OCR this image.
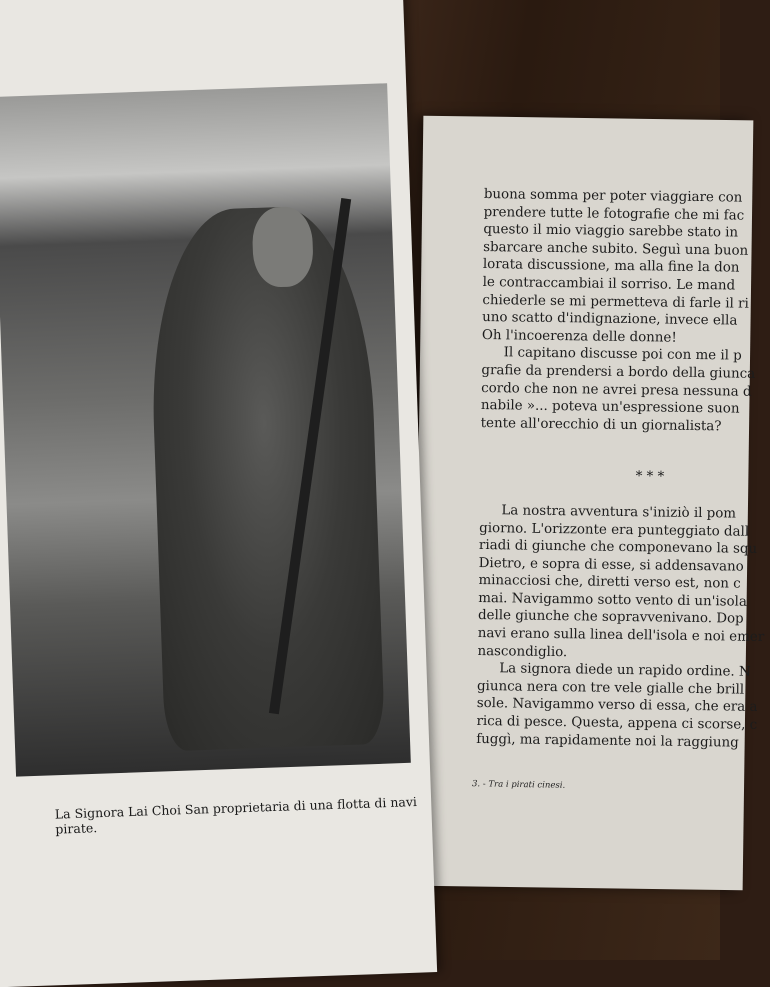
La Signora Lai Choi San proprietaria di una flotta di navi pirate.
buona somma per poter viaggiare con
prendere tutte le fotografie che mi fac
questo il mio viaggio sarebbe stato in
sbarcare anche subito. Seguì una buon
lorata discussione, ma alla fine la don
le contraccambiai il sorriso. Le mand
chiederle se mi permetteva di farle il ri
uno scatto d'indignazione, invece ella
Oh l'incoerenza delle donne!
Il capitano discusse poi con me il p
grafie da prendersi a bordo della giunca
cordo che non ne avrei presa nessuna d
nabile »... poteva un'espressione suon
tente all'orecchio di un giornalista?
* * *
La nostra avventura s'iniziò il pom
giorno. L'orizzonte era punteggiato dall
riadi di giunche che componevano la squ
Dietro, e sopra di esse, si addensavano
minacciosi che, diretti verso est, non c
mai. Navigammo sotto vento di un'isola
delle giunche che sopravvenivano. Dop
navi erano sulla linea dell'isola e noi emer
nascondiglio.
La signora diede un rapido ordine. N
giunca nera con tre vele gialle che brill
sole. Navigammo verso di essa, che era a
rica di pesce. Questa, appena ci scorse, c
fuggì, ma rapidamente noi la raggiung
3. - Tra i pirati cinesi.
